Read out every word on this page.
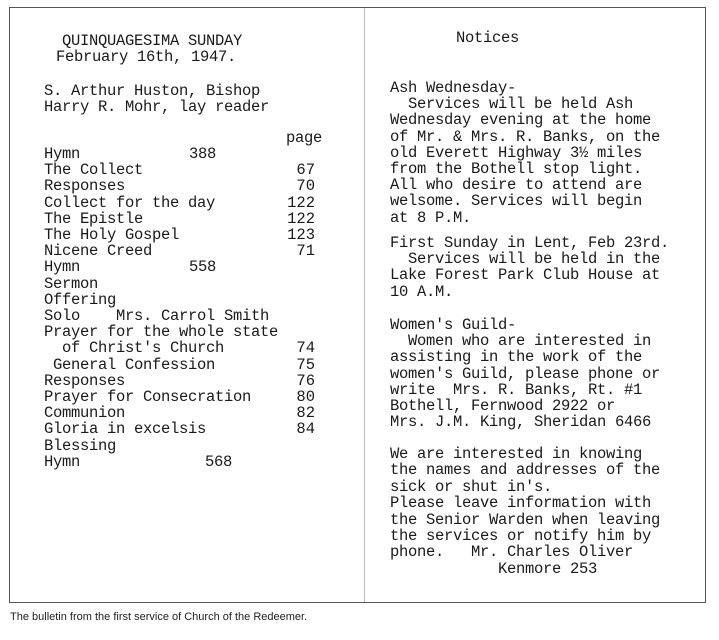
QUINQUAGESIMA SUNDAY
February 16th, 1947.
S. Arthur Huston, Bishop
Harry R. Mohr, lay reader
page
Hymn	388
The Collect	67
Responses	70
Collect for the day	122
The Epistle	122
The Holy Gospel	123
Nicene Creed	71
Hymn	558
Sermon
Offering
Solo    Mrs. Carrol Smith
Prayer for the whole state
of Christ's Church	74
General Confession	75
Responses	76
Prayer for Consecration	80
Communion	82
Gloria in excelsis	84
Blessing
Hymn	568
Notices
Ash Wednesday-
Services will be held Ash
Wednesday evening at the home
of Mr. & Mrs. R. Banks, on the
old Everett Highway 3½ miles
from the Bothell stop light.
All who desire to attend are
welsome. Services will begin
at 8 P.M.
First Sunday in Lent, Feb 23rd.
Services will be held in the
Lake Forest Park Club House at
10 A.M.
Women's Guild-
Women who are interested in
assisting in the work of the
women's Guild, please phone or
write  Mrs. R. Banks, Rt. #1
Bothell, Fernwood 2922 or
Mrs. J.M. King, Sheridan 6466
We are interested in knowing
the names and addresses of the
sick or shut in's.
Please leave information with
the Senior Warden when leaving
the services or notify him by
phone.   Mr. Charles Oliver
Kenmore 253
The bulletin from the first service of Church of the Redeemer.
